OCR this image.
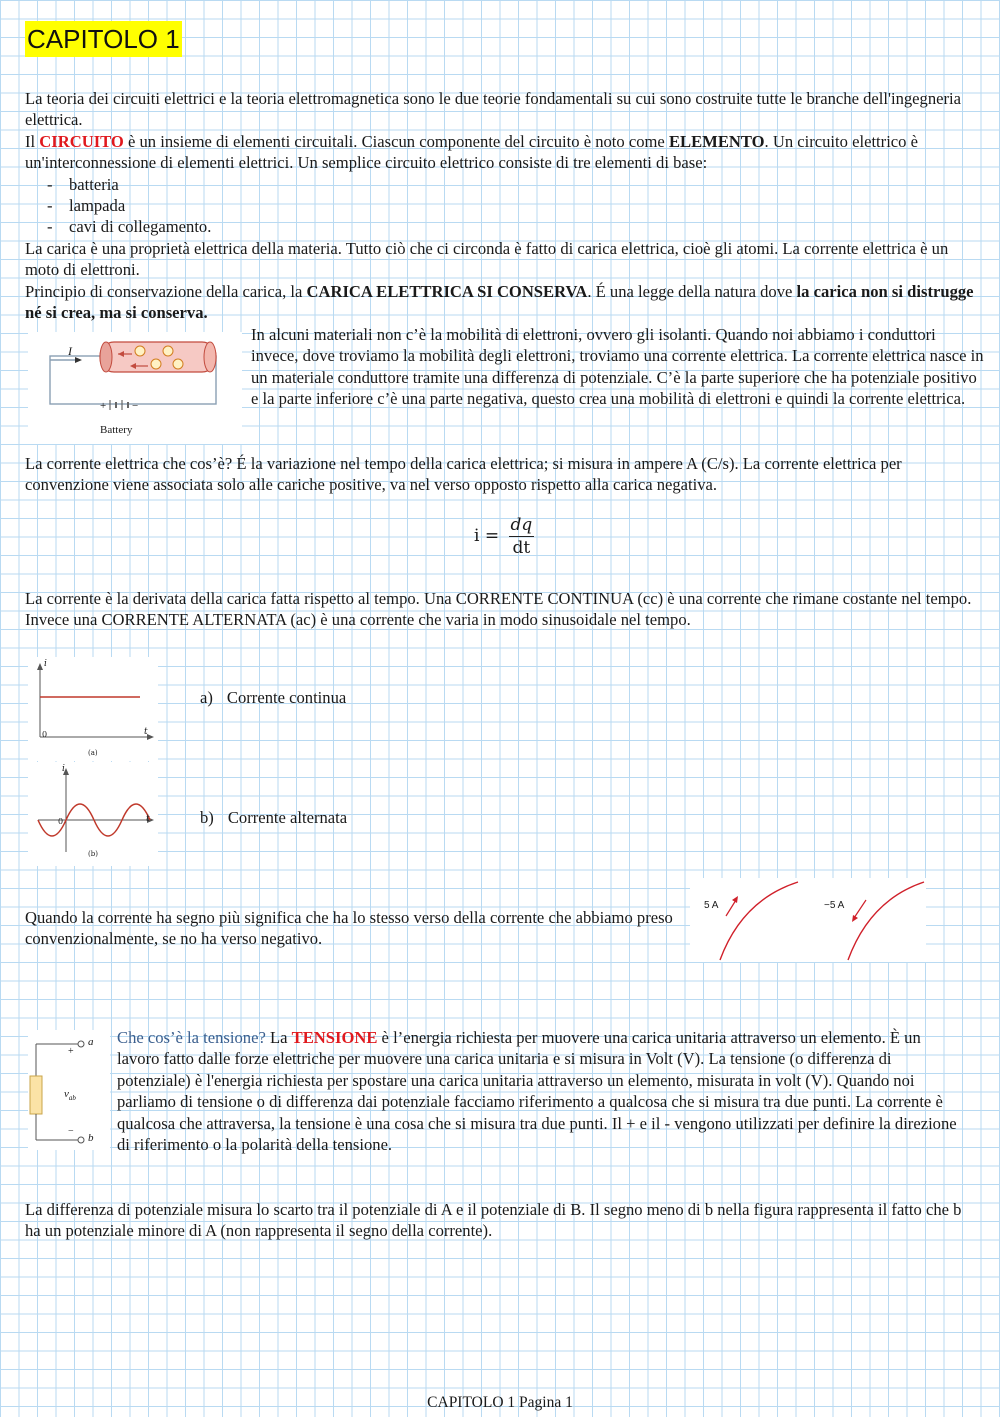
CAPITOLO 1
La teoria dei circuiti elettrici e la teoria elettromagnetica sono le due teorie fondamentali su cui sono costruite tutte le branche dell'ingegneria elettrica.
Il CIRCUITO è un insieme di elementi circuitali. Ciascun componente del circuito è noto come ELEMENTO. Un circuito elettrico è un'interconnessione di elementi elettrici. Un semplice circuito elettrico consiste di tre elementi di base:
- batteria
- lampada
- cavi di collegamento.
La carica è una proprietà elettrica della materia. Tutto ciò che ci circonda è fatto di carica elettrica, cioè gli atomi. La corrente elettrica è un moto di elettroni.
Principio di conservazione della carica, la CARICA ELETTRICA SI CONSERVA. É una legge della natura dove la carica non si distrugge né si crea, ma si conserva.
I
+ −
Battery
In alcuni materiali non c’è la mobilità di elettroni, ovvero gli isolanti. Quando noi abbiamo i conduttori invece, dove troviamo la mobilità degli elettroni, troviamo una corrente elettrica. La corrente elettrica nasce in un materiale conduttore tramite una differenza di potenziale. C’è la parte superiore che ha potenziale positivo e la parte inferiore c’è una parte negativa, questo crea una mobilità di elettroni e quindi la corrente elettrica.
La corrente elettrica che cos’è? É la variazione nel tempo della carica elettrica; si misura in ampere A (C/s). La corrente elettrica per convenzione viene associata solo alle cariche positive, va nel verso opposto rispetto alla carica negativa.
$i = \frac{dq}{dt}$
La corrente è la derivata della carica fatta rispetto al tempo. Una CORRENTE CONTINUA (cc) è una corrente che rimane costante nel tempo. Invece una CORRENTE ALTERNATA (ac) è una corrente che varia in modo sinusoidale nel tempo.
i
t
0
(a)
a) Corrente continua
i
t
0
(b)
b) Corrente alternata
Quando la corrente ha segno più significa che ha lo stesso verso della corrente che abbiamo preso convenzionalmente, se no ha verso negativo.
5 A	−5 A
a
b
+
−
$v_{ab}$
Che cos’è la tensione? La TENSIONE è l’energia richiesta per muovere una carica unitaria attraverso un elemento. È un lavoro fatto dalle forze elettriche per muovere una carica unitaria e si misura in Volt (V). La tensione (o differenza di potenziale) è l'energia richiesta per spostare una carica unitaria attraverso un elemento, misurata in volt (V). Quando noi parliamo di tensione o di differenza dai potenziale facciamo riferimento a qualcosa che si misura tra due punti. La corrente è qualcosa che attraversa, la tensione è una cosa che si misura tra due punti. Il + e il - vengono utilizzati per definire la direzione di riferimento o la polarità della tensione.
La differenza di potenziale misura lo scarto tra il potenziale di A e il potenziale di B. Il segno meno di b nella figura rappresenta il fatto che b ha un potenziale minore di A (non rappresenta il segno della corrente).
CAPITOLO 1 Pagina 1
